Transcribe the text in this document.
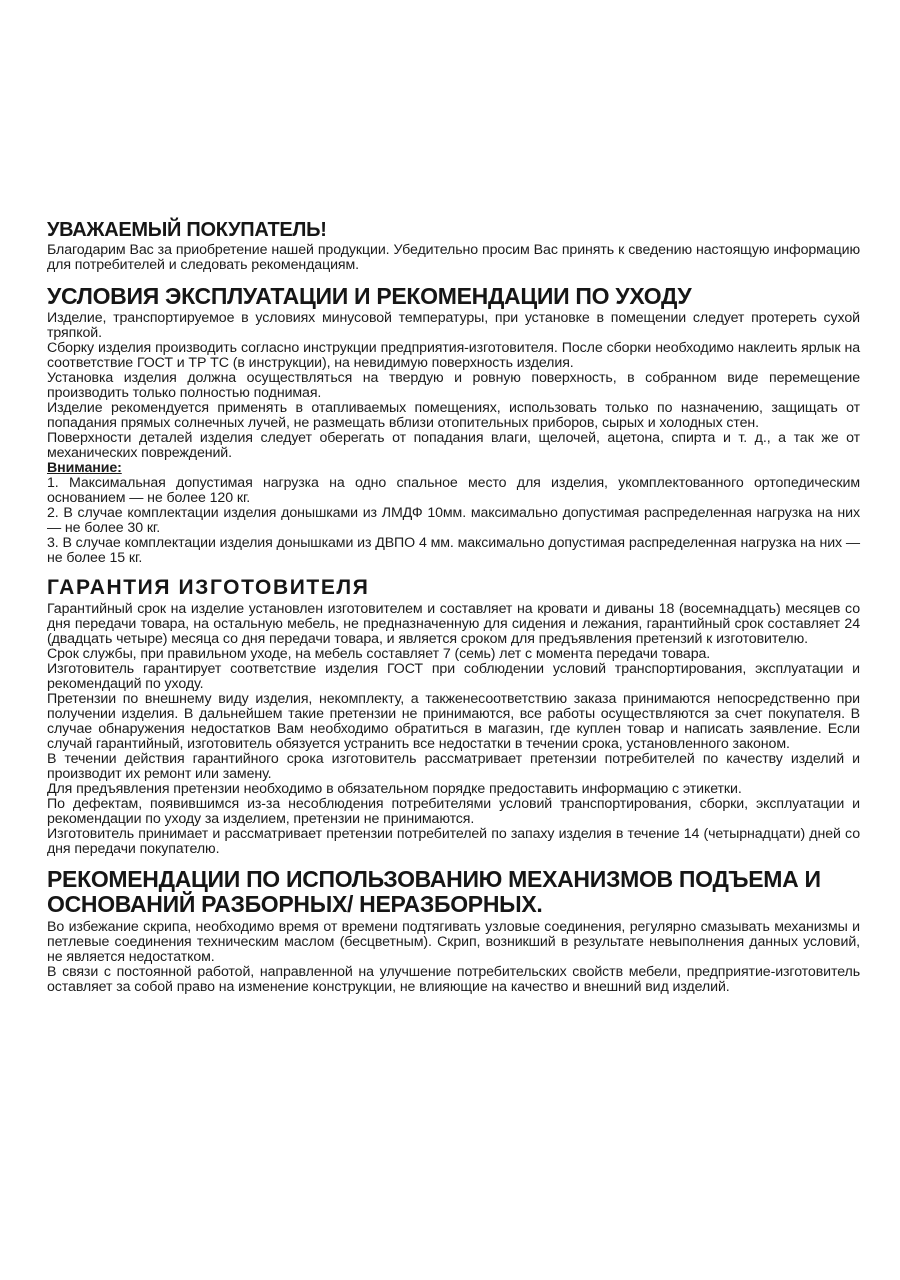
УВАЖАЕМЫЙ ПОКУПАТЕЛЬ!

Благодарим Вас за приобретение нашей продукции. Убедительно просим Вас принять к сведению настоящую информацию для потребителей и следовать рекомендациям.

УСЛОВИЯ ЭКСПЛУАТАЦИИ И РЕКОМЕНДАЦИИ ПО УХОДУ

Изделие, транспортируемое в условиях минусовой температуры, при установке в помещении следует протереть сухой тряпкой.

Сборку изделия производить согласно инструкции предприятия-изготовителя. После сборки необходимо наклеить ярлык на соответствие ГОСТ и ТР ТС (в инструкции), на невидимую поверхность изделия.

Установка изделия должна осуществляться на твердую и ровную поверхность, в собранном виде перемещение производить только полностью поднимая.

Изделие рекомендуется применять в отапливаемых помещениях, использовать только по назначению, защищать от попадания прямых солнечных лучей, не размещать вблизи отопительных приборов, сырых и холодных стен.

Поверхности деталей изделия следует оберегать от попадания влаги, щелочей, ацетона, спирта и т. д., а так же от механических повреждений.

Внимание:

1. Максимальная допустимая нагрузка на одно спальное место для изделия, укомплектованного ортопедическим основанием — не более 120 кг.

2. В случае комплектации изделия донышками из ЛМДФ 10мм. максимально допустимая распределенная нагрузка на них — не более 30 кг.

3. В случае комплектации изделия донышками из ДВПО 4 мм. максимально допустимая распределенная нагрузка на них — не более 15 кг.

ГАРАНТИЯ ИЗГОТОВИТЕЛЯ

Гарантийный срок на изделие установлен изготовителем и составляет на кровати и диваны 18 (восемнадцать) месяцев со дня передачи товара, на остальную мебель, не предназначенную для сидения и лежания, гарантийный срок составляет 24 (двадцать четыре) месяца со дня передачи товара, и является сроком для предъявления претензий к изготовителю.

Срок службы, при правильном уходе, на мебель составляет 7 (семь) лет с момента передачи товара.

Изготовитель гарантирует соответствие изделия ГОСТ при соблюдении условий транспортирования, эксплуатации и рекомендаций по уходу.

Претензии по внешнему виду изделия, некомплекту, а такженесоответствию заказа принимаются непосредственно при получении изделия. В дальнейшем такие претензии не принимаются, все работы осуществляются за счет покупателя. В случае обнаружения недостатков Вам необходимо обратиться в магазин, где куплен товар и написать заявление. Если случай гарантийный, изготовитель обязуется устранить все недостатки в течении срока, установленного законом.

В течении действия гарантийного срока изготовитель рассматривает претензии потребителей по качеству изделий и производит их ремонт или замену.

Для предъявления претензии необходимо в обязательном порядке предоставить информацию с этикетки.

По дефектам, появившимся из-за несоблюдения потребителями условий транспортирования, сборки, эксплуатации и рекомендации по уходу за изделием, претензии не принимаются.

Изготовитель принимает и рассматривает претензии потребителей по запаху изделия в течение 14 (четырнадцати) дней со дня передачи покупателю.

РЕКОМЕНДАЦИИ ПО ИСПОЛЬЗОВАНИЮ МЕХАНИЗМОВ ПОДЪЕМА И ОСНОВАНИЙ РАЗБОРНЫХ/ НЕРАЗБОРНЫХ.

Во избежание скрипа, необходимо время от времени подтягивать узловые соединения, регулярно смазывать механизмы и петлевые соединения техническим маслом (бесцветным). Скрип, возникший в результате невыполнения данных условий, не является недостатком.

В связи с постоянной работой, направленной на улучшение потребительских свойств мебели, предприятие-изготовитель оставляет за собой право на изменение конструкции, не влияющие на качество и внешний вид изделий.
